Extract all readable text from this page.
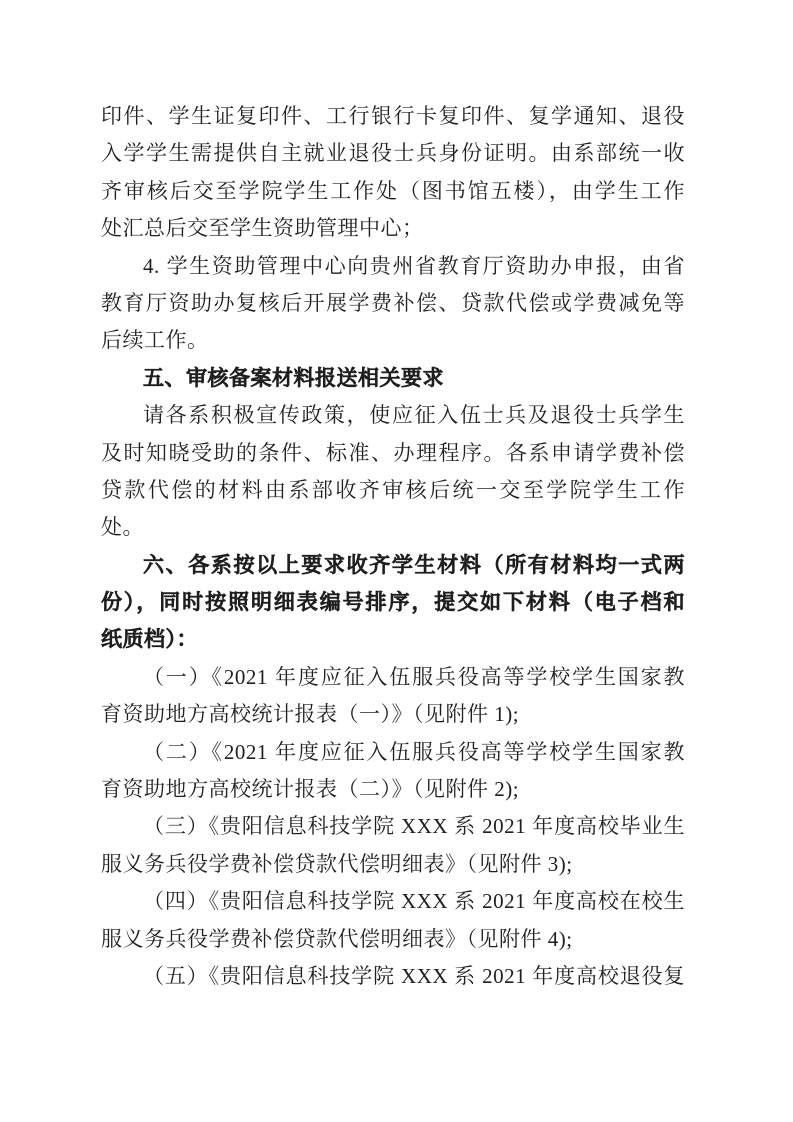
印件、学生证复印件、工行银行卡复印件、复学通知、退役
入学学生需提供自主就业退役士兵身份证明。由系部统一收
齐审核后交至学院学生工作处（图书馆五楼），由学生工作
处汇总后交至学生资助管理中心；
4. 学生资助管理中心向贵州省教育厅资助办申报，由省
教育厅资助办复核后开展学费补偿、贷款代偿或学费减免等
后续工作。
五、审核备案材料报送相关要求
请各系积极宣传政策，使应征入伍士兵及退役士兵学生
及时知晓受助的条件、标准、办理程序。各系申请学费补偿
贷款代偿的材料由系部收齐审核后统一交至学院学生工作
处。
六、各系按以上要求收齐学生材料（所有材料均一式两
份），同时按照明细表编号排序，提交如下材料（电子档和
纸质档）：
（一）《2021 年度应征入伍服兵役高等学校学生国家教
育资助地方高校统计报表（一）》（见附件 1);
（二）《2021 年度应征入伍服兵役高等学校学生国家教
育资助地方高校统计报表（二）》（见附件 2);
（三）《贵阳信息科技学院 XXX 系 2021 年度高校毕业生
服义务兵役学费补偿贷款代偿明细表》（见附件 3);
（四）《贵阳信息科技学院 XXX 系 2021 年度高校在校生
服义务兵役学费补偿贷款代偿明细表》（见附件 4);
（五）《贵阳信息科技学院 XXX 系 2021 年度高校退役复
